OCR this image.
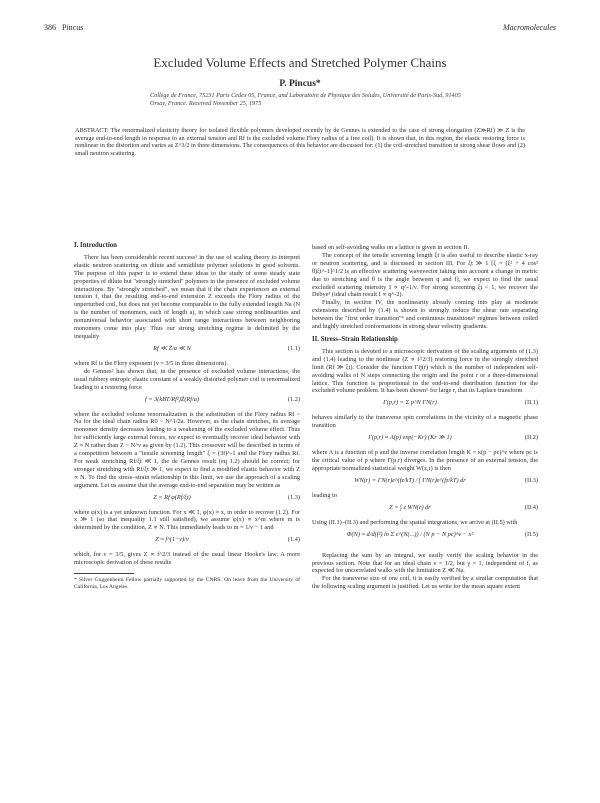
386 Pincus	Macromolecules
Excluded Volume Effects and Stretched Polymer Chains
P. Pincus*
Collège de France, 75231 Paris Cedex 05, France, and Laboratoire de Physique des Solides, Université de Paris-Sud, 91405 Orsay, France. Received November 25, 1975
ABSTRACT: The renormalized elasticity theory for isolated flexible polymers developed recently by de Gennes is extended to the case of strong elongation (Z≫Rf) ≫ Z is the average end-to-end length in response to an external tension and Rf is the excluded volume Flory radius of a free coil). It is shown that, in this region, the elastic restoring force is nonlinear in the distortion and varies as Z^3/2 in three dimensions. The consequences of this behavior are discussed for: (1) the coil-stretched transition in strong shear flows and (2) small neutron scattering.
I. Introduction

There has been considerable recent success¹ in the use of scaling theory to interpret elastic neutron scattering on dilute and semidilute polymer solutions in good solvents. The purpose of this paper is to extend these ideas to the study of some steady state properties of dilute but "strongly stretched" polymers in the presence of excluded volume interactions. By "strongly stretched", we mean that if the chain experiences an external tension f, that the resulting end-to-end extension Z exceeds the Flory radius of the unperturbed coil, but does not yet become comparable to the fully extended length Na (N is the number of monomers, each of length a), in which case strong nonlinearities and nonuniversal behavior associated with short range interactions between neighboring monomers come into play. Thus our strong stretching regime is delimited by the inequality

Rf ≪ Z̄/a ≪ N	(1.1)

where Rf is the Flory exponent (ν = 3/5 in three dimensions).

de Gennes² has shown that, in the presence of excluded volume interactions, the usual rubbery entropic elastic constant of a weakly distorted polymer coil is renormalized leading to a restoring force

f = 3(kBT/Rf²)Z̄(Rf/a)	(1.2)

where the excluded volume renormalization is the substitution of the Flory radius Rf ~ Na for the ideal chain radius R0 ~ N^1/2a. However, as the chain stretches, its average monomer density decreases leading to a weakening of the excluded volume effect. Thus for sufficiently large external forces, we expect to eventually recover ideal behavior with Z ≈ N rather than Z ~ N^ν as given by (1.2). This crossover will be described in terms of a competition between a "tensile screening length" ξ = (3f)^-1 and the Flory radius Rf. For weak stretching Rf/ξt ≪ 1, the de Gennes result (eq 1.2) should be correct; for stronger stretching with Rf/ξt ≫ 1, we expect to find a modified elastic behavior with Z ∝ N. To find the stress–strain relationship in this limit, we use the approach of a scaling argument. Let us assume that the average end-to-end separation may be written as

Z = Rf φ(Rf/ξt)	(1.3)

where φ(x) is a yet unknown function. For x ≪ 1, φ(x) ≈ x, in order to recover (1.2). For x ≫ 1 (so that inequality 1.1 still satisfied), we assume φ(x) ∝ x^m where m is determined by the condition, Z ∝ N. This immediately leads to m = 1/ν − 1 and

Z ≈ f^(1−ν)/ν	(1.4)

which, for ν = 3/5, gives Z ∝ f^2/3 instead of the usual linear Hooke's law. A more microscopic derivation of these results

* Silver Guggenheim Fellow partially supported by the CNRS. On leave from the University of California, Los Angeles.

based on self-avoiding walks on a lattice is given in section II.

The concept of the tensile screening length ξt is also useful to describe elastic x-ray or neutron scattering, and is discussed in section III. For ξt ≫ 1 [ξ = (ξ² + 4 cos² θ)ξt^-1]^1/2 is an effective scattering wavevector taking into account a change in metric due to stretching and θ is the angle between q and f], we expect to find the usual excluded scattering intensity I ∝ q^-1/ν. For strong screening ξt < 1, we recover the Debye³ (ideal chain result I ∝ q^-2).

Finally, in section IV, the nonlinearity already coming into play at moderate extensions described by (1.4) is shown to strongly reduce the shear rate separating between the "first order transition"⁴ and continuous transitions⁵ regimes between coiled and highly stretched conformations in strong shear velocity gradients.

II. Stress–Strain Relationship

This section is devoted to a microscopic derivation of the scaling arguments of (1.3) and (1.4) leading to the nonlinear (Z ∝ f^2/3) restoring force in the strongly stretched limit (Rf ≫ ξt). Consider the function Γij(r) which is the number of independent self-avoiding walks of N steps connecting the origin and the point r or a three-dimensional lattice. This function is proportional to the end-to-end distribution function for the excluded volume problem. It has been shown⁶ for large r, that its Laplace transform

Γ(p,r) = Σ p^N ΓN(r)	(II.1)

behaves similarly to the transverse spin correlations in the vicinity of a magnetic phase transition

Γ(p,r) ≈ A(p) exp(−Kr) (Kr ≫ 1)	(II.2)

where A is a function of p and the inverse correlation length K = κ(p − pc)^ν where pc is the critical value of p where Γ(p,r) diverges. In the presence of an external tension, the appropriate normalized statistical weight W(z,r) is then

WN(r) = ΓN(r)e^(fz/kT) / ∫ ΓN(r)e^(fz/kT) dr	(II.3)

leading to

Z = ∫ z WN(r) dr	(II.4)

Using (II.1)–(II.3) and performing the spatial integrations, we arrive at (II.5) with

Φ(N) ≈ d/d(f²) ln Σ e^(N(...)) / (N p − N pc)^ν − x²	(II.5)

Replacing the sum by an integral, we easily verify the scaling behavior in the previous section. Note that for an ideal chain ν = 1/2, but γ = 1, independent of f, as expected for uncorrelated walks with the limitation Z ≪ Na.

For the transverse size of one coil, it is easily verified by a similar computation that the following scaling argument is justified. Let us write for the mean square extent
